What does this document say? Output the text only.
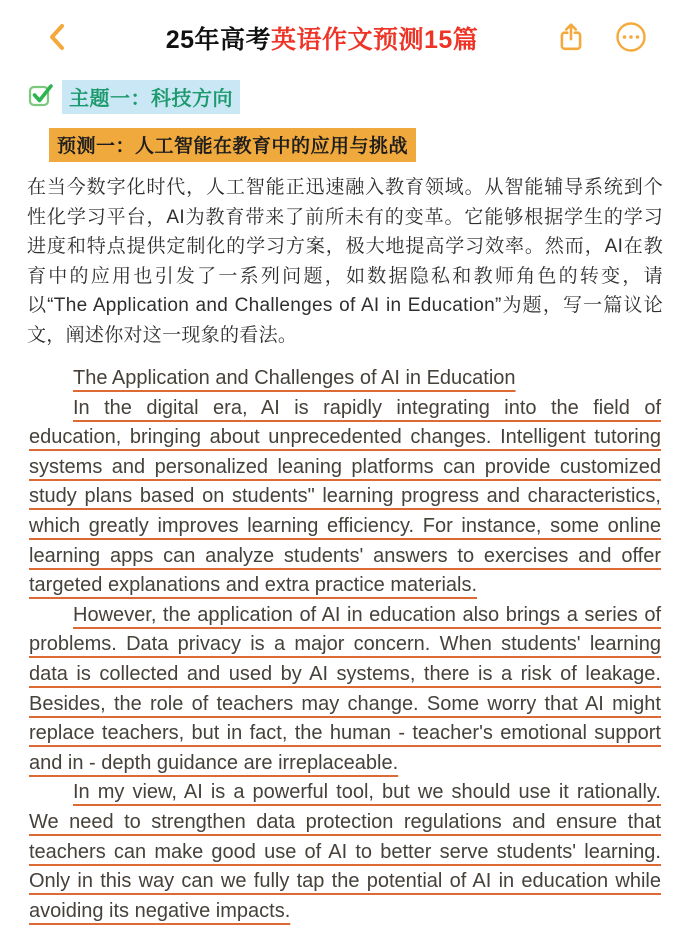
25年高考英语作文预测15篇
主题一：科技方向
预测一：人工智能在教育中的应用与挑战

在当今数字化时代，人工智能正迅速融入教育领域。从智能辅导系统到个性化学习平台，AI为教育带来了前所未有的变革。它能够根据学生的学习进度和特点提供定制化的学习方案，极大地提高学习效率。然而，AI在教育中的应用也引发了一系列问题，如数据隐私和教师角色的转变，请以“The Application and Challenges of AI in Education”为题，写一篇议论文，阐述你对这一现象的看法。

The Application and Challenges of AI in Education

In the digital era, AI is rapidly integrating into the field of education, bringing about unprecedented changes. Intelligent tutoring systems and personalized leaning platforms can provide customized study plans based on students" learning progress and characteristics, which greatly improves learning efficiency. For instance, some online learning apps can analyze students' answers to exercises and offer targeted explanations and extra practice materials.

However, the application of AI in education also brings a series of problems. Data privacy is a major concern. When students' learning data is collected and used by AI systems, there is a risk of leakage. Besides, the role of teachers may change. Some worry that AI might replace teachers, but in fact, the human - teacher's emotional support and in - depth guidance are irreplaceable.

In my view, AI is a powerful tool, but we should use it rationally. We need to strengthen data protection regulations and ensure that teachers can make good use of AI to better serve students' learning. Only in this way can we fully tap the potential of AI in education while avoiding its negative impacts.
